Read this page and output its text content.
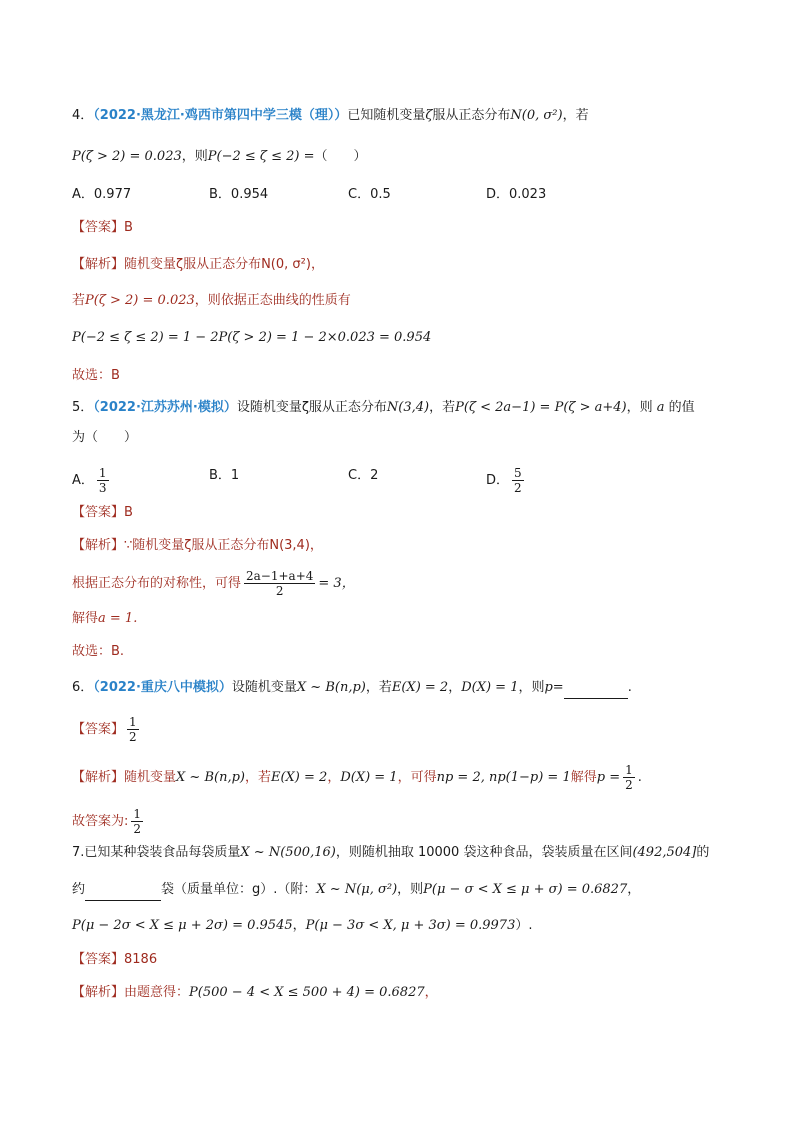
4．（2022·黑龙江·鸡西市第四中学三模（理））已知随机变量ζ服从正态分布N(0, σ²)，若
P(ζ > 2) = 0.023，则P(−2 ≤ ζ ≤ 2) =（　　）
A．0.977	B．0.954	C．0.5	D．0.023
【答案】B
【解析】随机变量ζ服从正态分布N(0, σ²)，
若P(ζ > 2) = 0.023，则依据正态曲线的性质有
P(−2 ≤ ζ ≤ 2) = 1 − 2P(ζ > 2) = 1 − 2×0.023 = 0.954
故选：B
5．（2022·江苏苏州·模拟）设随机变量ζ服从正态分布N(3,4)，若P(ζ < 2a−1) = P(ζ > a+4)，则 a 的值
为（　　）
A． $\frac{1}{3}$	B．1	C．2	D． $\frac{5}{2}$
【答案】B
【解析】∵随机变量ζ服从正态分布N(3,4)，
根据正态分布的对称性，可得 $\frac{2a-1+a+4}{2} = 3$，
解得a = 1.
故选：B.
6．（2022·重庆八中模拟）设随机变量X ~ B(n,p)，若E(X) = 2，D(X) = 1，则p=	.
【答案】 $\frac{1}{2}$
【解析】随机变量X ~ B(n,p)，若E(X) = 2，D(X) = 1，可得np = 2, np(1−p) = 1解得$p = \frac{1}{2}$ .
故答案为: $\frac{1}{2}$
7.已知某种袋装食品每袋质量X ~ N(500,16)，则随机抽取 10000 袋这种食品，袋装质量在区间(492,504]的
约	袋（质量单位：g）.（附：X ~ N(μ, σ²)，则P(μ − σ < X ≤ μ + σ) = 0.6827，
P(μ − 2σ < X ≤ μ + 2σ) = 0.9545，P(μ − 3σ < X, μ + 3σ) = 0.9973）.
【答案】8186
【解析】由题意得：P(500 − 4 < X ≤ 500 + 4) = 0.6827，
